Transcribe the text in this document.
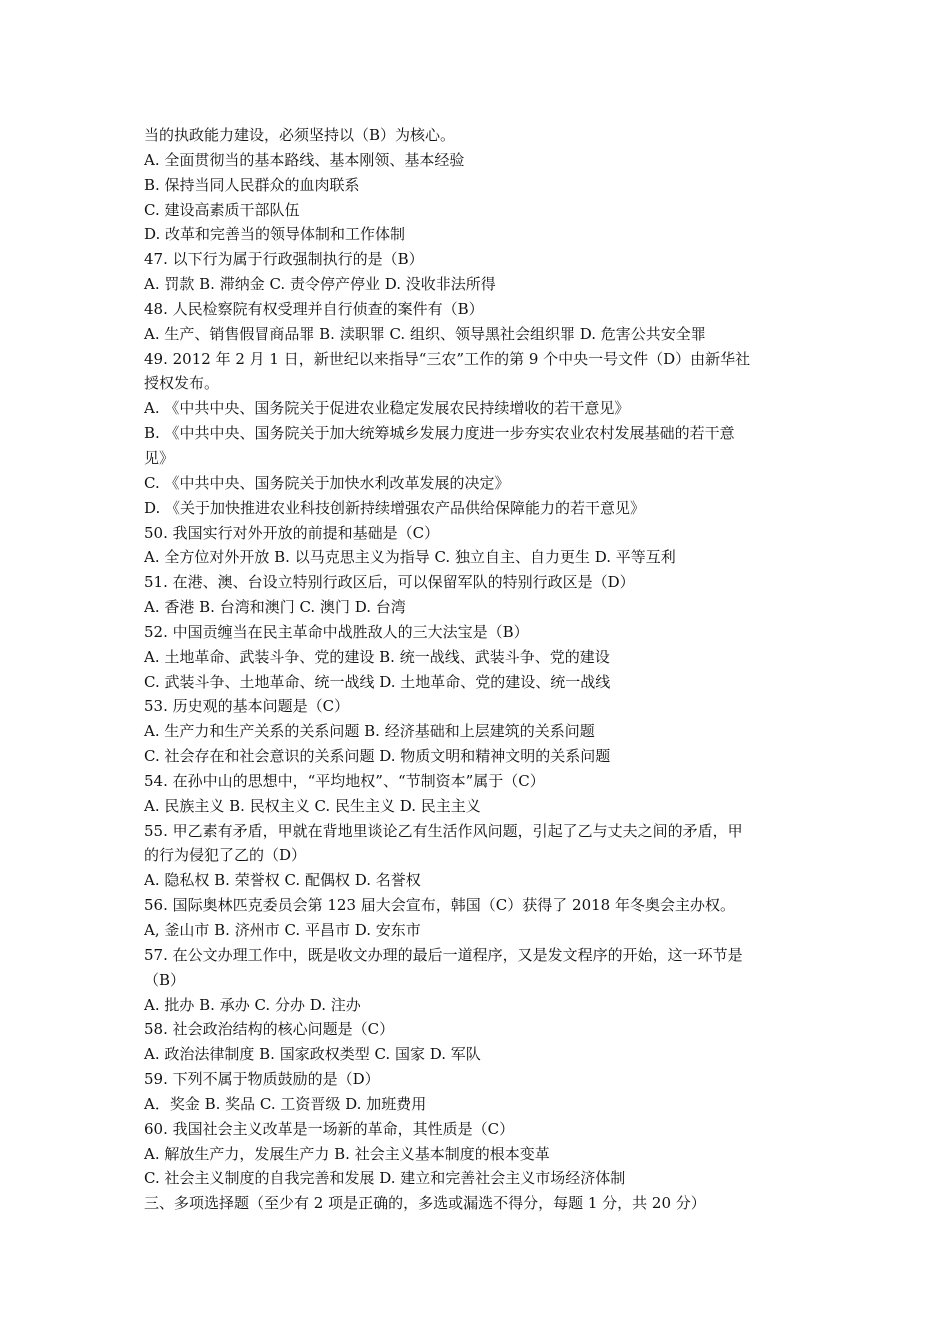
当的执政能力建设，必须坚持以（B）为核心。
A. 全面贯彻当的基本路线、基本刚领、基本经验
B. 保持当同人民群众的血肉联系
C. 建设高素质干部队伍
D. 改革和完善当的领导体制和工作体制
47. 以下行为属于行政强制执行的是（B）
A. 罚款 B. 滞纳金 C. 责令停产停业 D. 没收非法所得
48. 人民检察院有权受理并自行侦查的案件有（B）
A. 生产、销售假冒商品罪 B. 渎职罪 C. 组织、领导黑社会组织罪 D. 危害公共安全罪
49. 2012 年 2 月 1 日，新世纪以来指导“三农”工作的第 9 个中央一号文件（D）由新华社
授权发布。
A. 《中共中央、国务院关于促进农业稳定发展农民持续增收的若干意见》
B. 《中共中央、国务院关于加大统筹城乡发展力度进一步夯实农业农村发展基础的若干意
见》
C. 《中共中央、国务院关于加快水利改革发展的决定》
D. 《关于加快推进农业科技创新持续增强农产品供给保障能力的若干意见》
50. 我国实行对外开放的前提和基础是（C）
A. 全方位对外开放 B. 以马克思主义为指导 C. 独立自主、自力更生 D. 平等互利
51. 在港、澳、台设立特别行政区后，可以保留军队的特别行政区是（D）
A. 香港 B. 台湾和澳门 C. 澳门 D. 台湾
52. 中国贡缠当在民主革命中战胜敌人的三大法宝是（B）
A. 土地革命、武装斗争、党的建设 B. 统一战线、武装斗争、党的建设
C. 武装斗争、土地革命、统一战线 D. 土地革命、党的建设、统一战线
53. 历史观的基本问题是（C）
A. 生产力和生产关系的关系问题 B. 经济基础和上层建筑的关系问题
C. 社会存在和社会意识的关系问题 D. 物质文明和精神文明的关系问题
54. 在孙中山的思想中，“平均地权”、“节制资本”属于（C）
A. 民族主义 B. 民权主义 C. 民生主义 D. 民主主义
55. 甲乙素有矛盾，甲就在背地里谈论乙有生活作风问题，引起了乙与丈夫之间的矛盾，甲
的行为侵犯了乙的（D）
A. 隐私权 B. 荣誉权 C. 配偶权 D. 名誉权
56. 国际奥林匹克委员会第 123 届大会宣布，韩国（C）获得了 2018 年冬奥会主办权。
A, 釜山市 B. 济州市 C. 平昌市 D. 安东市
57. 在公文办理工作中，既是收文办理的最后一道程序，又是发文程序的开始，这一环节是
（B）
A. 批办 B. 承办 C. 分办 D. 注办
58. 社会政治结构的核心问题是（C）
A. 政治法律制度 B. 国家政权类型 C. 国家 D. 军队
59. 下列不属于物质鼓励的是（D）
A．奖金 B. 奖品 C. 工资晋级 D. 加班费用
60. 我国社会主义改革是一场新的革命，其性质是（C）
A. 解放生产力，发展生产力 B. 社会主义基本制度的根本变革
C. 社会主义制度的自我完善和发展 D. 建立和完善社会主义市场经济体制
三、多项选择题（至少有 2 项是正确的，多选或漏选不得分，每题 1 分，共 20 分）
